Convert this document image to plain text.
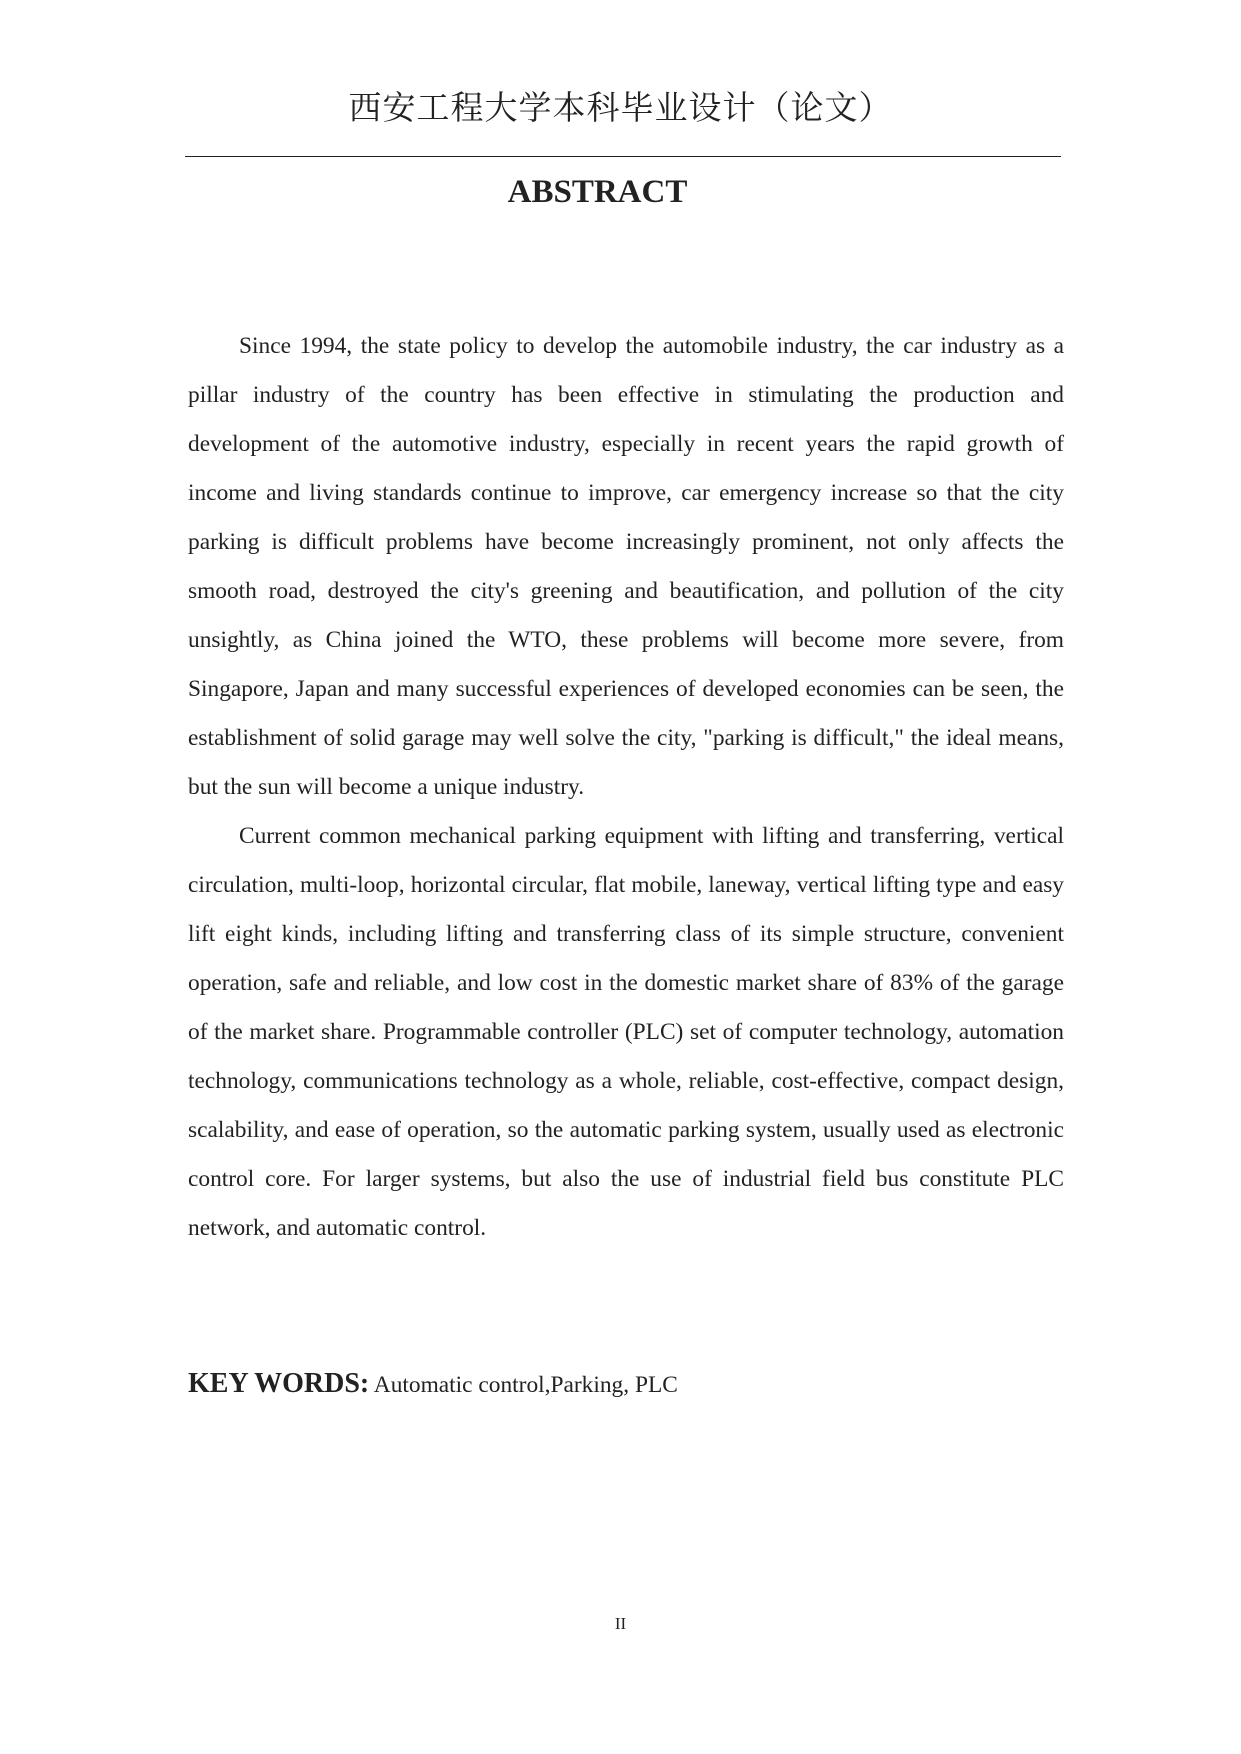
西安工程大学本科毕业设计（论文）
ABSTRACT

Since 1994, the state policy to develop the automobile industry, the car industry as a pillar industry of the country has been effective in stimulating the production and development of the automotive industry, especially in recent years the rapid growth of income and living standards continue to improve, car emergency increase so that the city parking is difficult problems have become increasingly prominent, not only affects the smooth road, destroyed the city's greening and beautification, and pollution of the city unsightly, as China joined the WTO, these problems will become more severe, from Singapore, Japan and many successful experiences of developed economies can be seen, the establishment of solid garage may well solve the city, "parking is difficult," the ideal means, but the sun will become a unique industry.

Current common mechanical parking equipment with lifting and transferring, vertical circulation, multi-loop, horizontal circular, flat mobile, laneway, vertical lifting type and easy lift eight kinds, including lifting and transferring class of its simple structure, convenient operation, safe and reliable, and low cost in the domestic market share of 83% of the garage of the market share. Programmable controller (PLC) set of computer technology, automation technology, communications technology as a whole, reliable, cost-effective, compact design, scalability, and ease of operation, so the automatic parking system, usually used as electronic control core. For larger systems, but also the use of industrial field bus constitute PLC network, and automatic control.

KEY WORDS: Automatic control,Parking, PLC
II
